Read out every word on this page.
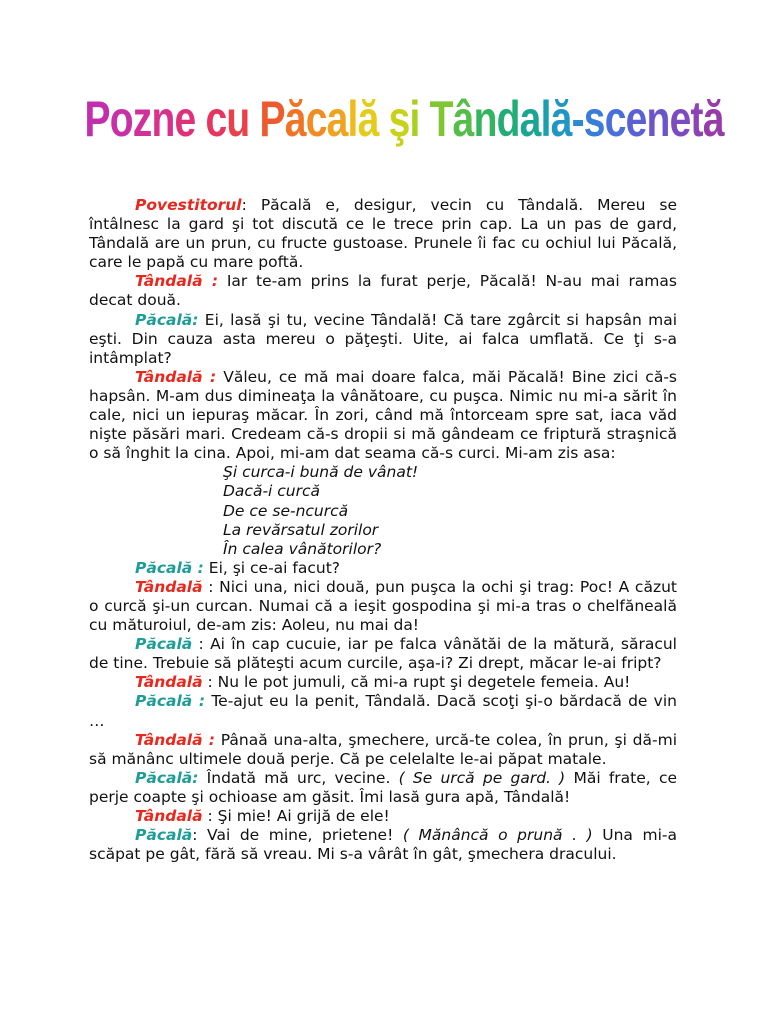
Pozne cu Păcală şi Tândală-scenetă

Povestitorul: Păcală e, desigur, vecin cu Tândală. Mereu se întâlnesc la gard şi tot discută ce le trece prin cap. La un pas de gard, Tândală are un prun, cu fructe gustoase. Prunele îi fac cu ochiul lui Păcală, care le papă cu mare poftă.

Tândală : Iar te-am prins la furat perje, Păcală! N-au mai ramas decat două.

Păcală: Ei, lasă şi tu, vecine Tândală! Că tare zgârcit si hapsân mai eşti. Din cauza asta mereu o păţeşti. Uite, ai falca umflată. Ce ţi s-a intâmplat?

Tândală : Văleu, ce mă mai doare falca, măi Păcală! Bine zici că-s hapsân. M-am dus dimineaţa la vânătoare, cu puşca. Nimic nu mi-a sărit în cale, nici un iepuraş măcar. În zori, când mă întorceam spre sat, iaca văd nişte păsări mari. Credeam că-s dropii si mă gândeam ce friptură straşnică o să înghit la cina. Apoi, mi-am dat seama că-s curci. Mi-am zis asa:

Şi curca-i bună de vânat!

Dacă-i curcă

De ce se-ncurcă

La revărsatul zorilor

În calea vânătorilor?

Păcală : Ei, şi ce-ai facut?

Tândală : Nici una, nici două, pun puşca la ochi şi trag: Poc! A căzut o curcă şi-un curcan. Numai că a ieşit gospodina şi mi-a tras o chelfăneală cu măturoiul, de-am zis: Aoleu, nu mai da!

Păcală : Ai în cap cucuie, iar pe falca vânătăi de la mătură, săracul de tine. Trebuie să plăteşti acum curcile, aşa-i? Zi drept, măcar le-ai fript?

Tândală : Nu le pot jumuli, că mi-a rupt şi degetele femeia. Au!

Păcală : Te-ajut eu la penit, Tândală. Dacă scoţi şi-o bărdacă de vin …

Tândală : Pânaă una-alta, şmechere, urcă-te colea, în prun, şi dă-mi să mănânc ultimele două perje. Că pe celelalte le-ai păpat matale.

Păcală: Îndată mă urc, vecine. ( Se urcă pe gard. ) Măi frate, ce perje coapte şi ochioase am găsit. Îmi lasă gura apă, Tândală!

Tândală : Şi mie! Ai grijă de ele!

Păcală: Vai de mine, prietene! ( Mănâncă o prună . ) Una mi-a scăpat pe gât, fără să vreau. Mi s-a vârât în gât, şmechera dracului.
